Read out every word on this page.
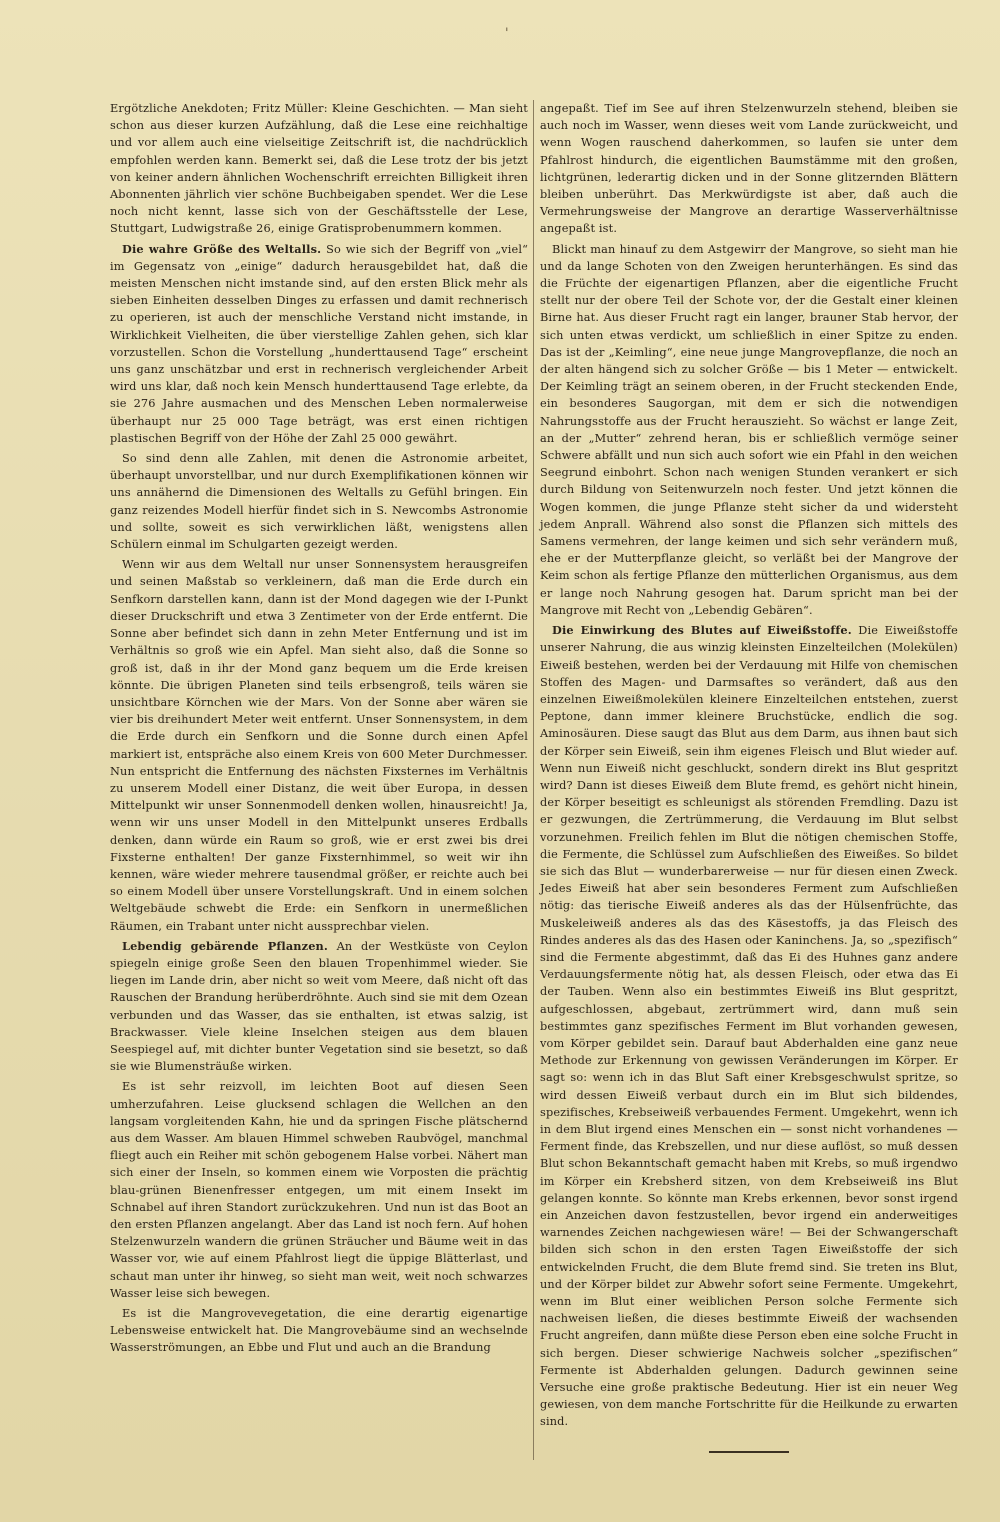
'

Ergötzliche Anekdoten; Fritz Müller: Kleine Geschichten. — Man sieht schon aus dieser kurzen Aufzählung, daß die Lese eine reichhaltige und vor allem auch eine vielseitige Zeitschrift ist, die nachdrücklich empfohlen werden kann. Bemerkt sei, daß die Lese trotz der bis jetzt von keiner andern ähnlichen Wochenschrift erreichten Billigkeit ihren Abonnenten jährlich vier schöne Buchbeigaben spendet. Wer die Lese noch nicht kennt, lasse sich von der Geschäftsstelle der Lese, Stuttgart, Ludwigstraße 26, einige Gratisprobenummern kommen.

Die wahre Größe des Weltalls. So wie sich der Begriff von „viel“ im Gegensatz von „einige“ dadurch herausgebildet hat, daß die meisten Menschen nicht imstande sind, auf den ersten Blick mehr als sieben Einheiten desselben Dinges zu erfassen und damit rechnerisch zu operieren, ist auch der menschliche Verstand nicht imstande, in Wirklichkeit Vielheiten, die über vierstellige Zahlen gehen, sich klar vorzustellen. Schon die Vorstellung „hunderttausend Tage“ erscheint uns ganz unschätzbar und erst in rechnerisch vergleichender Arbeit wird uns klar, daß noch kein Mensch hunderttausend Tage erlebte, da sie 276 Jahre ausmachen und des Menschen Leben normalerweise überhaupt nur 25 000 Tage beträgt, was erst einen richtigen plastischen Begriff von der Höhe der Zahl 25 000 gewährt.

So sind denn alle Zahlen, mit denen die Astronomie arbeitet, überhaupt unvorstellbar, und nur durch Exemplifikationen können wir uns annähernd die Dimensionen des Weltalls zu Gefühl bringen. Ein ganz reizendes Modell hierfür findet sich in S. Newcombs Astronomie und sollte, soweit es sich verwirklichen läßt, wenigstens allen Schülern einmal im Schulgarten gezeigt werden.

Wenn wir aus dem Weltall nur unser Sonnensystem herausgreifen und seinen Maßstab so verkleinern, daß man die Erde durch ein Senfkorn darstellen kann, dann ist der Mond dagegen wie der I-Punkt dieser Druckschrift und etwa 3 Zentimeter von der Erde entfernt. Die Sonne aber befindet sich dann in zehn Meter Entfernung und ist im Verhältnis so groß wie ein Apfel. Man sieht also, daß die Sonne so groß ist, daß in ihr der Mond ganz bequem um die Erde kreisen könnte. Die übrigen Planeten sind teils erbsengroß, teils wären sie unsichtbare Körnchen wie der Mars. Von der Sonne aber wären sie vier bis dreihundert Meter weit entfernt. Unser Sonnensystem, in dem die Erde durch ein Senfkorn und die Sonne durch einen Apfel markiert ist, entspräche also einem Kreis von 600 Meter Durchmesser. Nun entspricht die Entfernung des nächsten Fixsternes im Verhältnis zu unserem Modell einer Distanz, die weit über Europa, in dessen Mittelpunkt wir unser Sonnenmodell denken wollen, hinausreicht! Ja, wenn wir uns unser Modell in den Mittelpunkt unseres Erdballs denken, dann würde ein Raum so groß, wie er erst zwei bis drei Fixsterne enthalten! Der ganze Fixsternhimmel, so weit wir ihn kennen, wäre wieder mehrere tausendmal größer, er reichte auch bei so einem Modell über unsere Vorstellungskraft. Und in einem solchen Weltgebäude schwebt die Erde: ein Senfkorn in unermeßlichen Räumen, ein Trabant unter nicht aussprechbar vielen.

Lebendig gebärende Pflanzen. An der Westküste von Ceylon spiegeln einige große Seen den blauen Tropenhimmel wieder. Sie liegen im Lande drin, aber nicht so weit vom Meere, daß nicht oft das Rauschen der Brandung herüberdröhnte. Auch sind sie mit dem Ozean verbunden und das Wasser, das sie enthalten, ist etwas salzig, ist Brackwasser. Viele kleine Inselchen steigen aus dem blauen Seespiegel auf, mit dichter bunter Vegetation sind sie besetzt, so daß sie wie Blumensträuße wirken.

Es ist sehr reizvoll, im leichten Boot auf diesen Seen umherzufahren. Leise glucksend schlagen die Wellchen an den langsam vorgleitenden Kahn, hie und da springen Fische plätschernd aus dem Wasser. Am blauen Himmel schweben Raubvögel, manchmal fliegt auch ein Reiher mit schön gebogenem Halse vorbei. Nähert man sich einer der Inseln, so kommen einem wie Vorposten die prächtig blau-grünen Bienenfresser entgegen, um mit einem Insekt im Schnabel auf ihren Standort zurückzukehren. Und nun ist das Boot an den ersten Pflanzen angelangt. Aber das Land ist noch fern. Auf hohen Stelzenwurzeln wandern die grünen Sträucher und Bäume weit in das Wasser vor, wie auf einem Pfahlrost liegt die üppige Blätterlast, und schaut man unter ihr hinweg, so sieht man weit, weit noch schwarzes Wasser leise sich bewegen.

Es ist die Mangrovevegetation, die eine derartig eigenartige Lebensweise entwickelt hat. Die Mangrovebäume sind an wechselnde Wasserströmungen, an Ebbe und Flut und auch an die Brandung

angepaßt. Tief im See auf ihren Stelzenwurzeln stehend, bleiben sie auch noch im Wasser, wenn dieses weit vom Lande zurückweicht, und wenn Wogen rauschend daherkommen, so laufen sie unter dem Pfahlrost hindurch, die eigentlichen Baumstämme mit den großen, lichtgrünen, lederartig dicken und in der Sonne glitzernden Blättern bleiben unberührt. Das Merkwürdigste ist aber, daß auch die Vermehrungsweise der Mangrove an derartige Wasserverhältnisse angepaßt ist.

Blickt man hinauf zu dem Astgewirr der Mangrove, so sieht man hie und da lange Schoten von den Zweigen herunterhängen. Es sind das die Früchte der eigenartigen Pflanzen, aber die eigentliche Frucht stellt nur der obere Teil der Schote vor, der die Gestalt einer kleinen Birne hat. Aus dieser Frucht ragt ein langer, brauner Stab hervor, der sich unten etwas verdickt, um schließlich in einer Spitze zu enden. Das ist der „Keimling“, eine neue junge Mangrovepflanze, die noch an der alten hängend sich zu solcher Größe — bis 1 Meter — entwickelt. Der Keimling trägt an seinem oberen, in der Frucht steckenden Ende, ein besonderes Saugorgan, mit dem er sich die notwendigen Nahrungsstoffe aus der Frucht herauszieht. So wächst er lange Zeit, an der „Mutter“ zehrend heran, bis er schließlich vermöge seiner Schwere abfällt und nun sich auch sofort wie ein Pfahl in den weichen Seegrund einbohrt. Schon nach wenigen Stunden verankert er sich durch Bildung von Seitenwurzeln noch fester. Und jetzt können die Wogen kommen, die junge Pflanze steht sicher da und widersteht jedem Anprall. Während also sonst die Pflanzen sich mittels des Samens vermehren, der lange keimen und sich sehr verändern muß, ehe er der Mutterpflanze gleicht, so verläßt bei der Mangrove der Keim schon als fertige Pflanze den mütterlichen Organismus, aus dem er lange noch Nahrung gesogen hat. Darum spricht man bei der Mangrove mit Recht von „Lebendig Gebären“.

Die Einwirkung des Blutes auf Eiweißstoffe. Die Eiweißstoffe unserer Nahrung, die aus winzig kleinsten Einzelteilchen (Molekülen) Eiweiß bestehen, werden bei der Verdauung mit Hilfe von chemischen Stoffen des Magen- und Darmsaftes so verändert, daß aus den einzelnen Eiweißmolekülen kleinere Einzelteilchen entstehen, zuerst Peptone, dann immer kleinere Bruchstücke, endlich die sog. Aminosäuren. Diese saugt das Blut aus dem Darm, aus ihnen baut sich der Körper sein Eiweiß, sein ihm eigenes Fleisch und Blut wieder auf. Wenn nun Eiweiß nicht geschluckt, sondern direkt ins Blut gespritzt wird? Dann ist dieses Eiweiß dem Blute fremd, es gehört nicht hinein, der Körper beseitigt es schleunigst als störenden Fremdling. Dazu ist er gezwungen, die Zertrümmerung, die Verdauung im Blut selbst vorzunehmen. Freilich fehlen im Blut die nötigen chemischen Stoffe, die Fermente, die Schlüssel zum Aufschließen des Eiweißes. So bildet sie sich das Blut — wunderbarerweise — nur für diesen einen Zweck. Jedes Eiweiß hat aber sein besonderes Ferment zum Aufschließen nötig: das tierische Eiweiß anderes als das der Hülsenfrüchte, das Muskeleiweiß anderes als das des Käsestoffs, ja das Fleisch des Rindes anderes als das des Hasen oder Kaninchens. Ja, so „spezifisch“ sind die Fermente abgestimmt, daß das Ei des Huhnes ganz andere Verdauungsfermente nötig hat, als dessen Fleisch, oder etwa das Ei der Tauben. Wenn also ein bestimmtes Eiweiß ins Blut gespritzt, aufgeschlossen, abgebaut, zertrümmert wird, dann muß sein bestimmtes ganz spezifisches Ferment im Blut vorhanden gewesen, vom Körper gebildet sein. Darauf baut Abderhalden eine ganz neue Methode zur Erkennung von gewissen Veränderungen im Körper. Er sagt so: wenn ich in das Blut Saft einer Krebsgeschwulst spritze, so wird dessen Eiweiß verbaut durch ein im Blut sich bildendes, spezifisches, Krebseiweiß verbauendes Ferment. Umgekehrt, wenn ich in dem Blut irgend eines Menschen ein — sonst nicht vorhandenes — Ferment finde, das Krebszellen, und nur diese auflöst, so muß dessen Blut schon Bekanntschaft gemacht haben mit Krebs, so muß irgendwo im Körper ein Krebsherd sitzen, von dem Krebseiweiß ins Blut gelangen konnte. So könnte man Krebs erkennen, bevor sonst irgend ein Anzeichen davon festzustellen, bevor irgend ein anderweitiges warnendes Zeichen nachgewiesen wäre! — Bei der Schwangerschaft bilden sich schon in den ersten Tagen Eiweißstoffe der sich entwickelnden Frucht, die dem Blute fremd sind. Sie treten ins Blut, und der Körper bildet zur Abwehr sofort seine Fermente. Umgekehrt, wenn im Blut einer weiblichen Person solche Fermente sich nachweisen ließen, die dieses bestimmte Eiweiß der wachsenden Frucht angreifen, dann müßte diese Person eben eine solche Frucht in sich bergen. Dieser schwierige Nachweis solcher „spezifischen“ Fermente ist Abderhalden gelungen. Dadurch gewinnen seine Versuche eine große praktische Bedeutung. Hier ist ein neuer Weg gewiesen, von dem manche Fortschritte für die Heilkunde zu erwarten sind.
